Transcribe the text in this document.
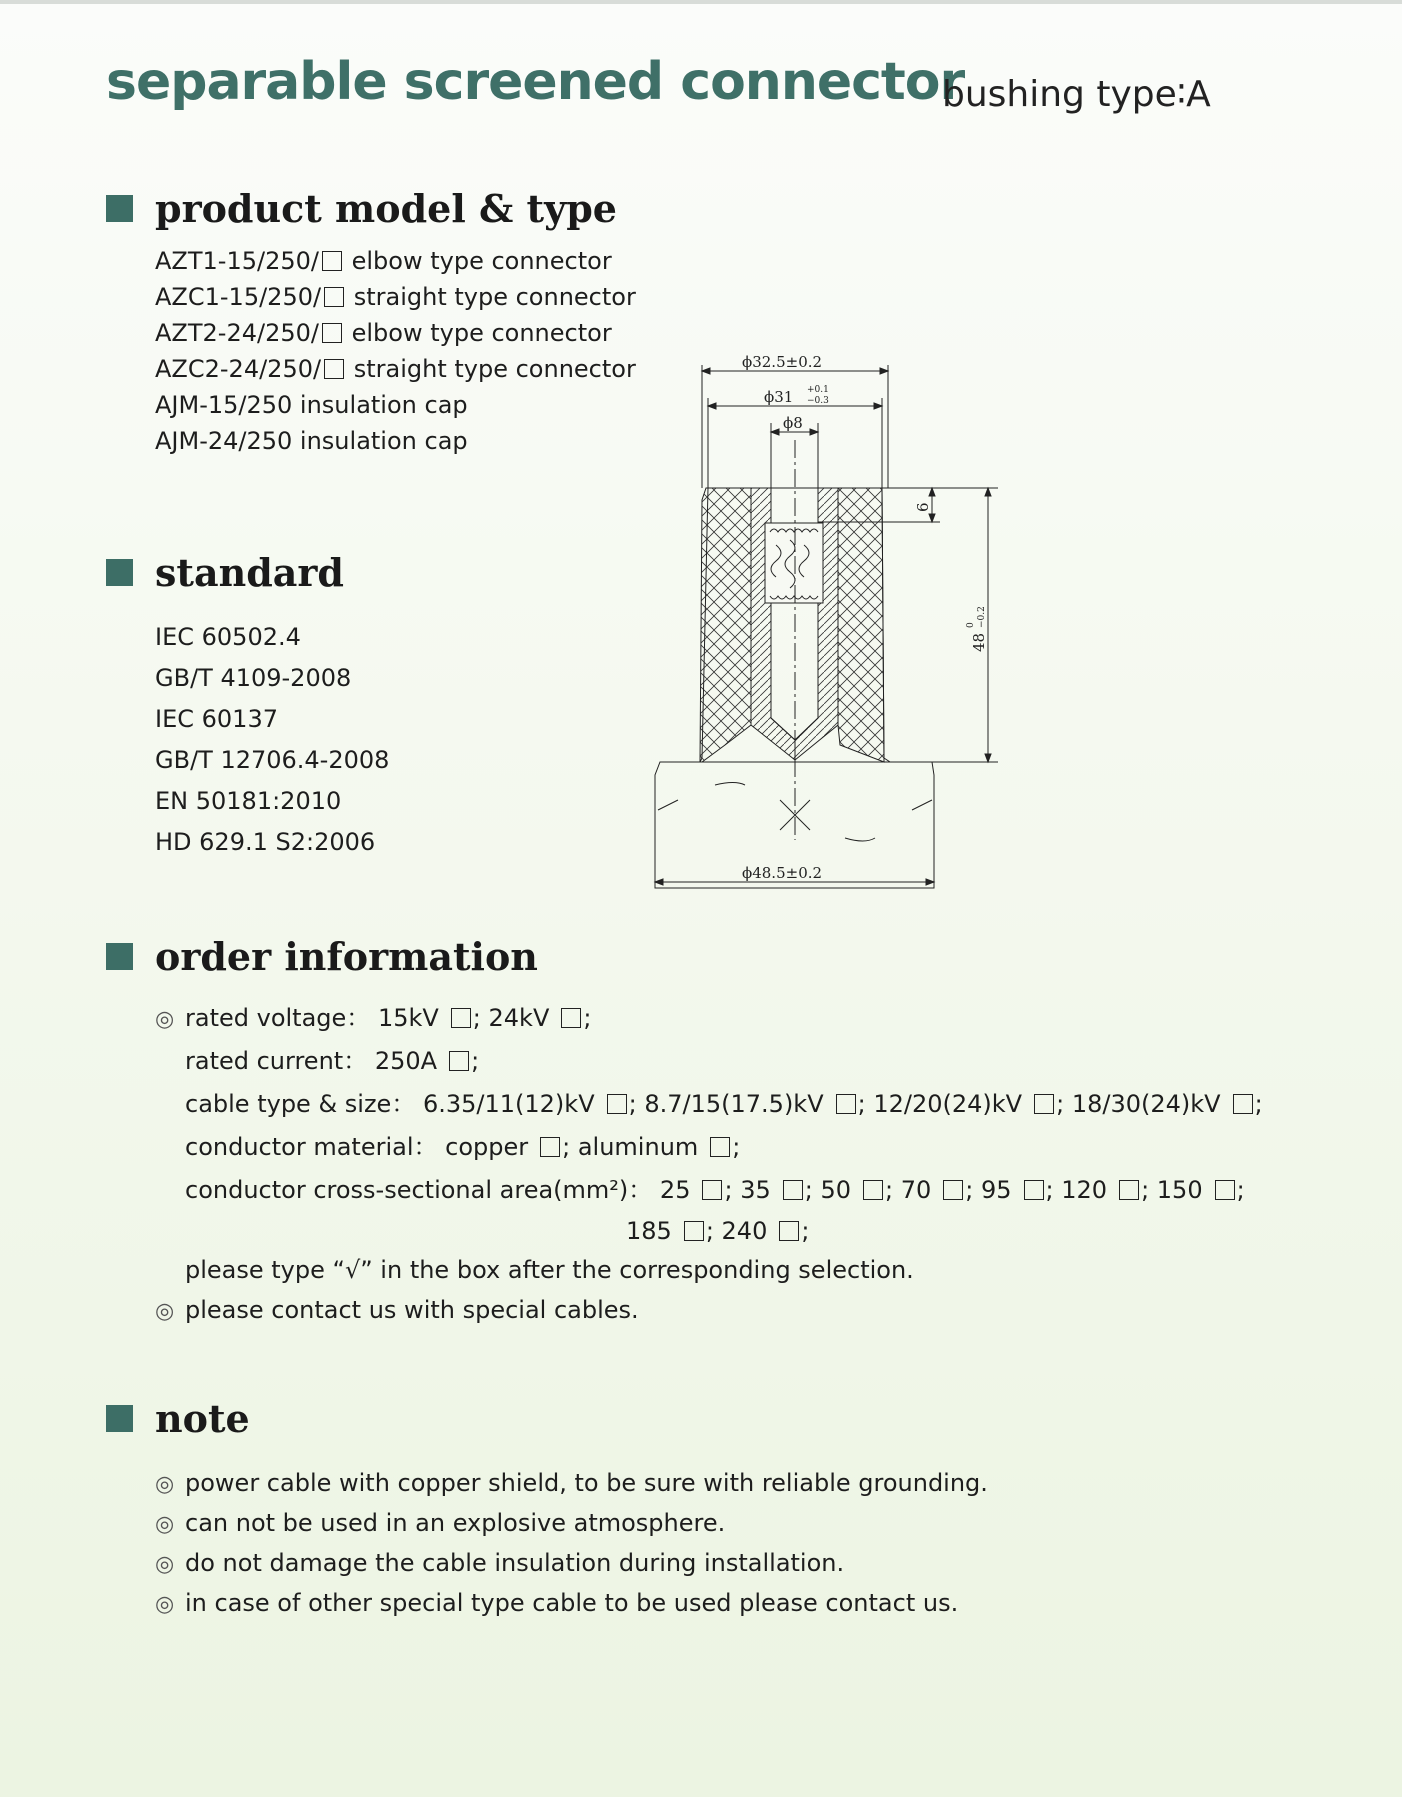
separable screened connector
bushing type∶A
product model & type
AZT1-15/250/ elbow type connector
AZC1-15/250/ straight type connector
AZT2-24/250/ elbow type connector
AZC2-24/250/ straight type connector
AJM-15/250 insulation cap
AJM-24/250 insulation cap
standard
IEC 60502.4
GB/T 4109-2008
IEC 60137
GB/T 12706.4-2008
EN 50181:2010
HD 629.1 S2:2006
order information
◎ rated voltage： 15kV ; 24kV ;
rated current： 250A ;
cable type & size： 6.35/11(12)kV ; 8.7/15(17.5)kV ; 12/20(24)kV ; 18/30(24)kV ;
conductor material： copper ; aluminum ;
conductor cross-sectional area(mm²)： 25 ; 35 ; 50 ; 70 ; 95 ; 120 ; 150 ;
185 ; 240 ;
please type “√” in the box after the corresponding selection.
◎ please contact us with special cables.
note
◎ power cable with copper shield, to be sure with reliable grounding.
◎ can not be used in an explosive atmosphere.
◎ do not damage the cable insulation during installation.
◎ in case of other special type cable to be used please contact us.
ϕ32.5±0.2
ϕ31 +0.1
−0.3
ϕ8
ϕ48.5±0.2
6
48
0 −0.2
